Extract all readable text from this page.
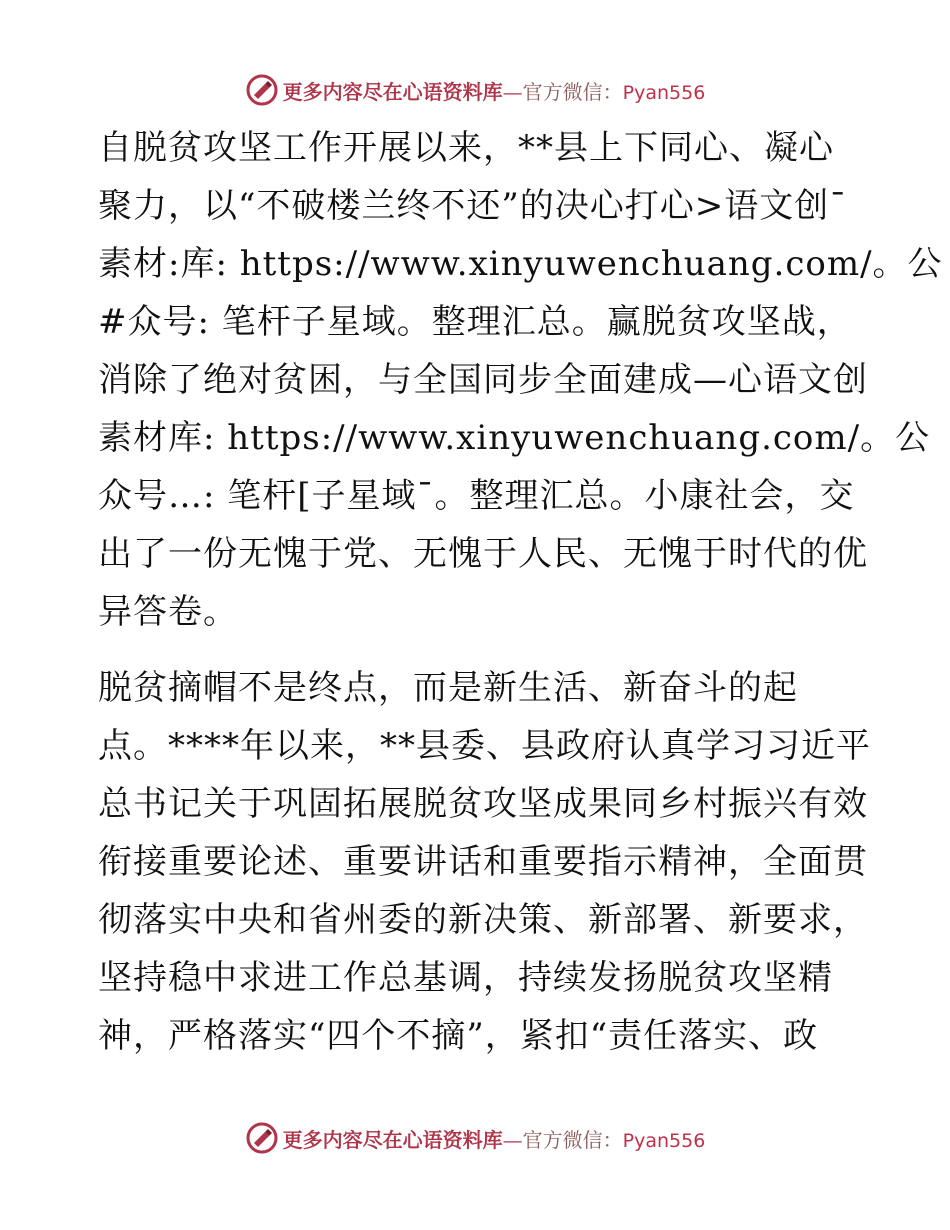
更多内容尽在心语资料库—官方微信：Pyan556
自脱贫攻坚工作开展以来，**县上下同心、凝心
聚力，以“不破楼兰终不还”的决心打心>语文创¯
素材:库: https://www.xinyuwenchuang.com/。公
#众号: 笔杆子星域。整理汇总。赢脱贫攻坚战，
消除了绝对贫困，与全国同步全面建成—心语文创
素材库: https://www.xinyuwenchuang.com/。公
众号…: 笔杆[子星域¯。整理汇总。小康社会，交
出了一份无愧于党、无愧于人民、无愧于时代的优
异答卷。
脱贫摘帽不是终点，而是新生活、新奋斗的起
点。****年以来，**县委、县政府认真学习习近平
总书记关于巩固拓展脱贫攻坚成果同乡村振兴有效
衔接重要论述、重要讲话和重要指示精神，全面贯
彻落实中央和省州委的新决策、新部署、新要求，
坚持稳中求进工作总基调，持续发扬脱贫攻坚精
神，严格落实“四个不摘”，紧扣“责任落实、政
更多内容尽在心语资料库—官方微信：Pyan556
